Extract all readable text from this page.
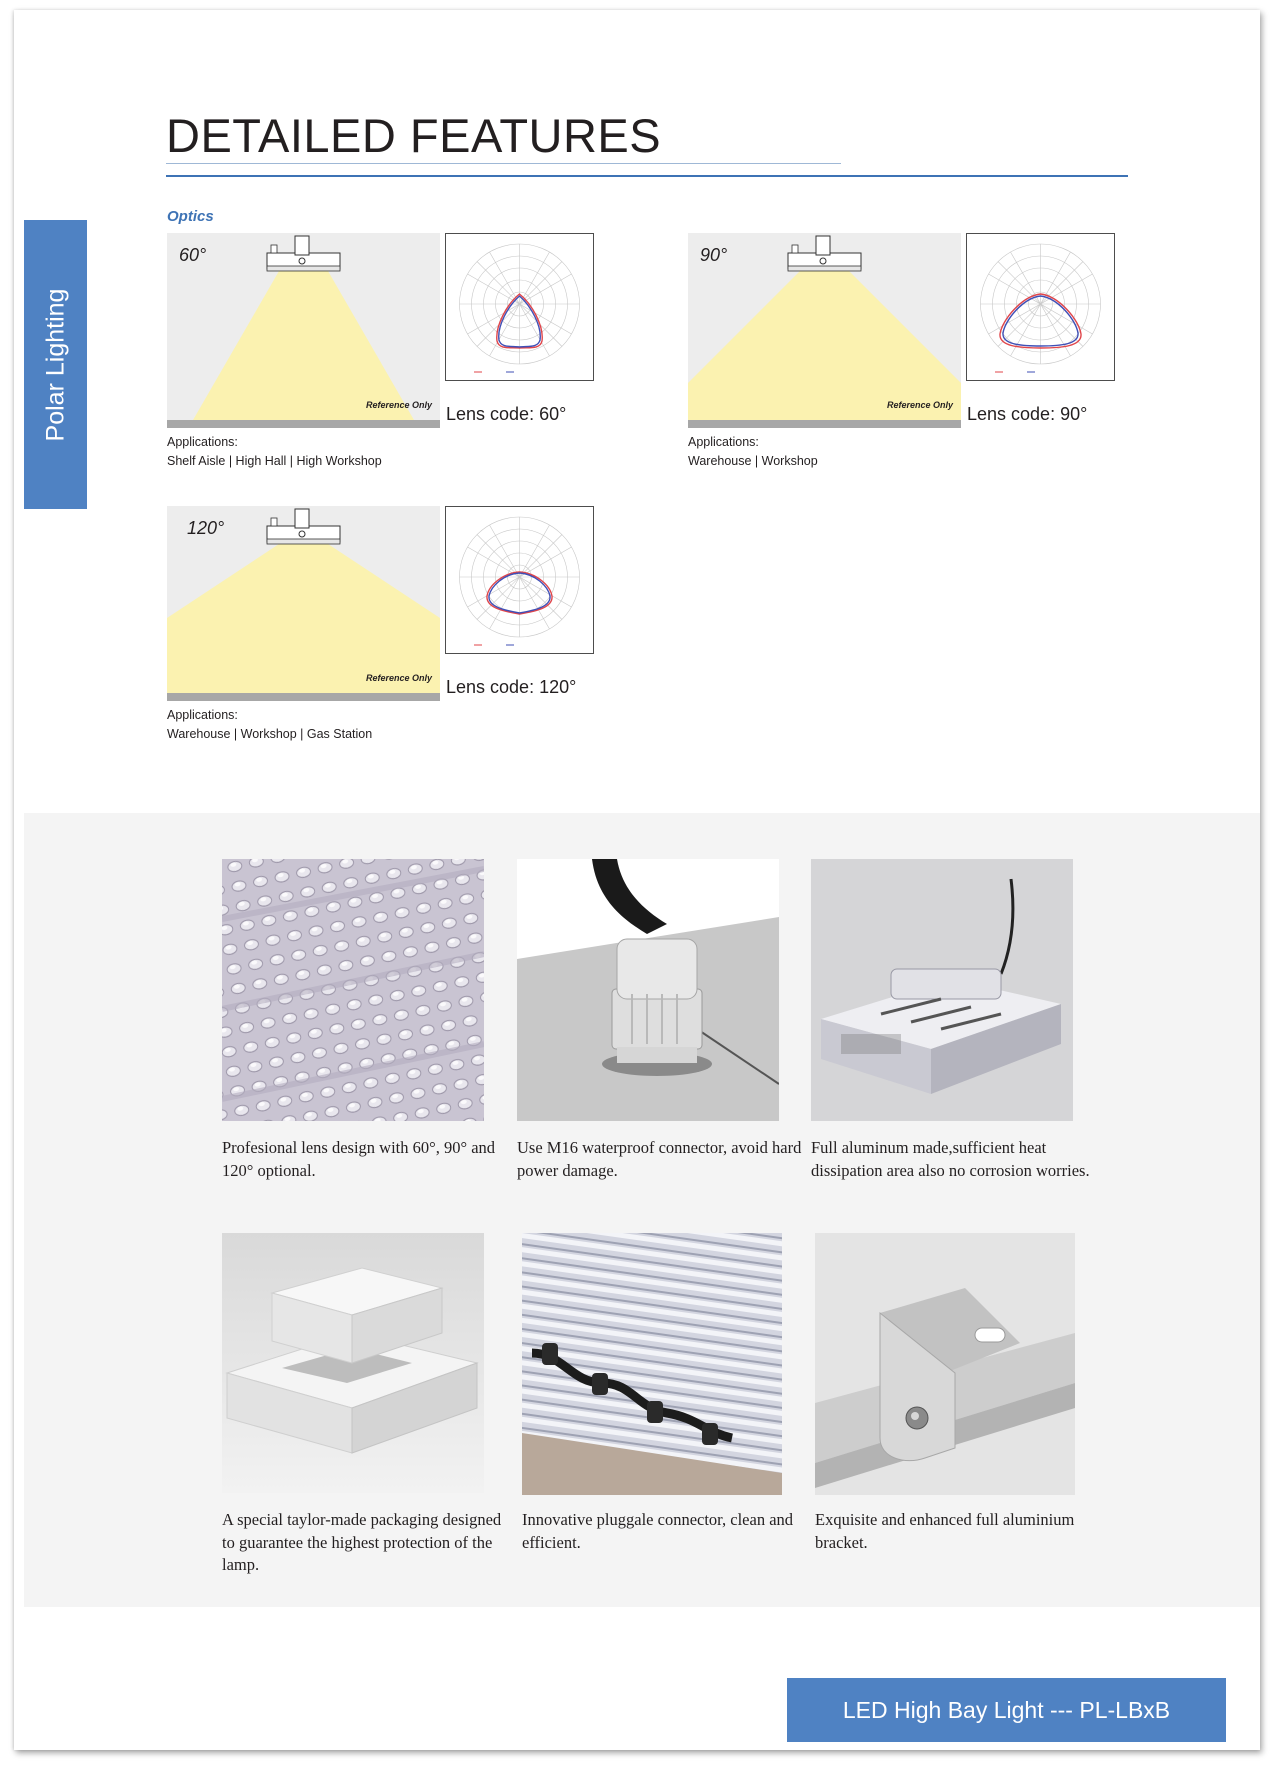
DETAILED FEATURES
Polar Lighting
Optics
60°
Reference Only Lens code: 60°
Applications:
Shelf Aisle | High Hall | High Workshop
90°
Reference Only Lens code: 90°
Applications:
Warehouse | Workshop
120°
Reference Only Lens code: 120°
Applications:
Warehouse | Workshop | Gas Station
Profesional lens design with 60°, 90° and 120° optional.
Use M16 waterproof connector, avoid hard power damage.
Full aluminum made,sufficient heat dissipation area also no corrosion worries.
A special taylor-made packaging designed to guarantee the highest protection of the lamp.
Innovative pluggale connector, clean and efficient.
Exquisite and enhanced full aluminium bracket.
LED High Bay Light --- PL-LBxB
